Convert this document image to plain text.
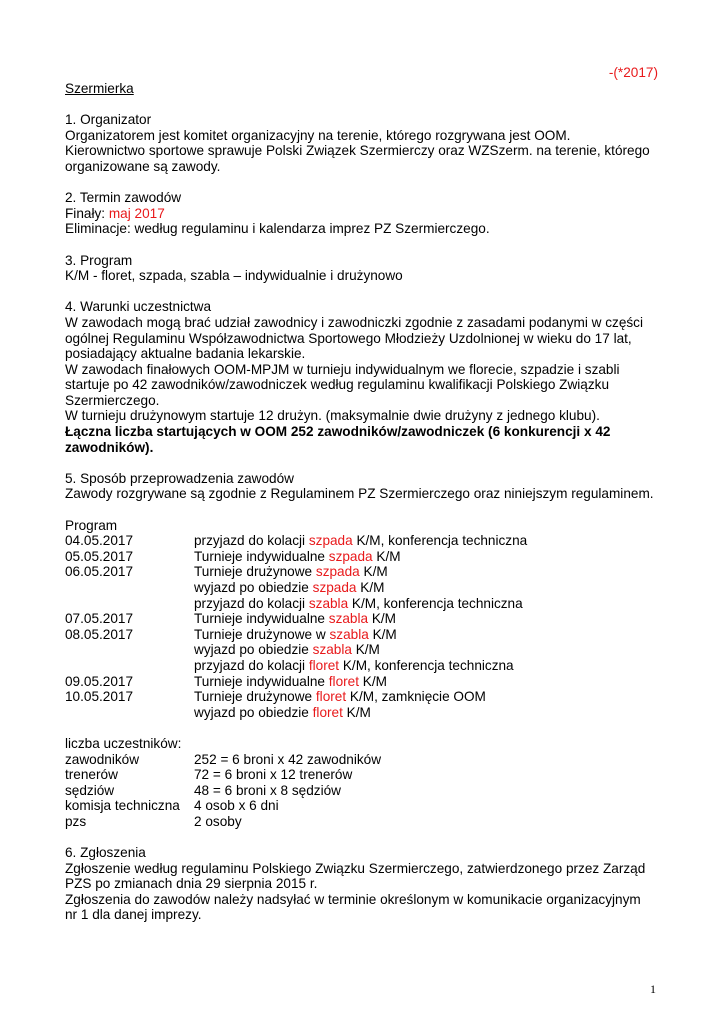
-(*2017)
Szermierka
1. Organizator
Organizatorem jest komitet organizacyjny na terenie, którego rozgrywana jest OOM.
Kierownictwo sportowe sprawuje Polski Związek Szermierczy oraz WZSzerm. na terenie, którego
organizowane są zawody.
2. Termin zawodów
Finały: maj 2017
Eliminacje: według regulaminu i kalendarza imprez PZ Szermierczego.
3. Program
K/M - floret, szpada, szabla – indywidualnie i drużynowo
4. Warunki uczestnictwa
W zawodach mogą brać udział zawodnicy i zawodniczki zgodnie z zasadami podanymi w części
ogólnej Regulaminu Współzawodnictwa Sportowego Młodzieży Uzdolnionej w wieku do 17 lat,
posiadający aktualne badania lekarskie.
W zawodach finałowych OOM-MPJM w turnieju indywidualnym we florecie, szpadzie i szabli
startuje po 42 zawodników/zawodniczek według regulaminu kwalifikacji Polskiego Związku
Szermierczego.
W turnieju drużynowym startuje 12 drużyn. (maksymalnie dwie drużyny z jednego klubu).
Łączna liczba startujących w OOM 252 zawodników/zawodniczek (6 konkurencji x 42
zawodników).
5. Sposób przeprowadzenia zawodów
Zawody rozgrywane są zgodnie z Regulaminem PZ Szermierczego oraz niniejszym regulaminem.
Program
04.05.2017	przyjazd do kolacji szpada K/M, konferencja techniczna
05.05.2017	Turnieje indywidualne szpada K/M
06.05.2017	Turnieje drużynowe szpada K/M
wyjazd po obiedzie szpada K/M
przyjazd do kolacji szabla K/M, konferencja techniczna
07.05.2017	Turnieje indywidualne szabla K/M
08.05.2017	Turnieje drużynowe w szabla K/M
wyjazd po obiedzie szabla K/M
przyjazd do kolacji floret K/M, konferencja techniczna
09.05.2017	Turnieje indywidualne floret K/M
10.05.2017	Turnieje drużynowe floret K/M, zamknięcie OOM
wyjazd po obiedzie floret K/M
liczba uczestników:
zawodników	252 = 6 broni x 42 zawodników
trenerów	72 = 6 broni x 12 trenerów
sędziów	48 = 6 broni x 8 sędziów
komisja techniczna	4 osob x 6 dni
pzs	2 osoby
6. Zgłoszenia
Zgłoszenie według regulaminu Polskiego Związku Szermierczego, zatwierdzonego przez Zarząd
PZS po zmianach dnia 29 sierpnia 2015 r.
Zgłoszenia do zawodów należy nadsyłać w terminie określonym w komunikacie organizacyjnym
nr 1 dla danej imprezy.
1
